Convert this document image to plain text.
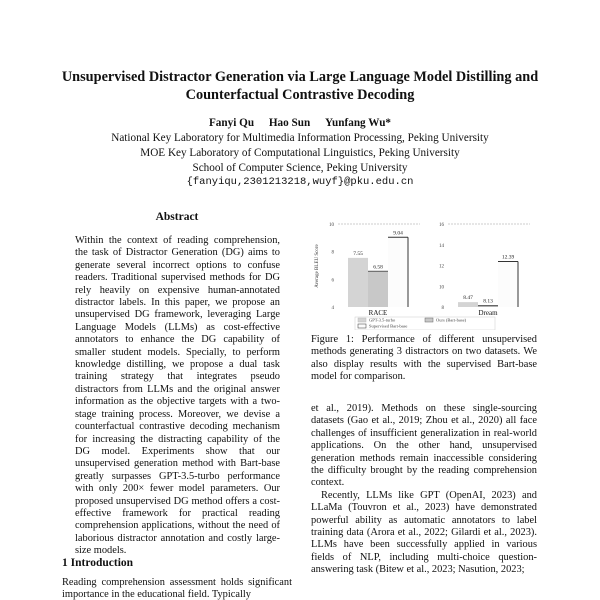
Unsupervised Distractor Generation via Large Language Model Distilling and Counterfactual Contrastive Decoding
Fanyi Qu Hao Sun Yunfang Wu*
National Key Laboratory for Multimedia Information Processing, Peking University
MOE Key Laboratory of Computational Linguistics, Peking University
School of Computer Science, Peking University
{fanyiqu,2301213218,wuyf}@pku.edu.cn
Abstract
Within the context of reading comprehension, the task of Distractor Generation (DG) aims to generate several incorrect options to confuse readers. Traditional supervised methods for DG rely heavily on expensive human-annotated distractor labels. In this paper, we propose an unsupervised DG framework, leveraging Large Language Models (LLMs) as cost-effective annotators to enhance the DG capability of smaller student models. Specially, to perform knowledge distilling, we propose a dual task training strategy that integrates pseudo distractors from LLMs and the original answer information as the objective targets with a two-stage training process. Moreover, we devise a counterfactual contrastive decoding mechanism for increasing the distracting capability of the DG model. Experiments show that our unsupervised generation method with Bart-base greatly surpasses GPT-3.5-turbo performance with only 200× fewer model parameters. Our proposed unsupervised DG method offers a cost-effective framework for practical reading comprehension applications, without the need of laborious distractor annotation and costly large-size models.
1 Introduction
Reading comprehension assessment holds significant importance in the educational field. Typically
4
6
8
10
7.55
6.58
9.04
RACE
8
10
12
14
16
8.47
8.13
12.39
Dream
Average BLEU Score
GPT-3.5-turbo	Ours (Bart-base)
Supervised Bart-base
Figure 1: Performance of different unsupervised methods generating 3 distractors on two datasets. We also display results with the supervised Bart-base model for comparison.

et al., 2019). Methods on these single-sourcing datasets (Gao et al., 2019; Zhou et al., 2020) all face challenges of insufficient generalization in real-world applications. On the other hand, unsupervised generation methods remain inaccessible considering the difficulty brought by the reading comprehension context.

Recently, LLMs like GPT (OpenAI, 2023) and LLaMa (Touvron et al., 2023) have demonstrated powerful ability as automatic annotators to label training data (Arora et al., 2022; Gilardi et al., 2023). LLMs have been successfully applied in various fields of NLP, including multi-choice question-answering task (Bitew et al., 2023; Nasution, 2023;
